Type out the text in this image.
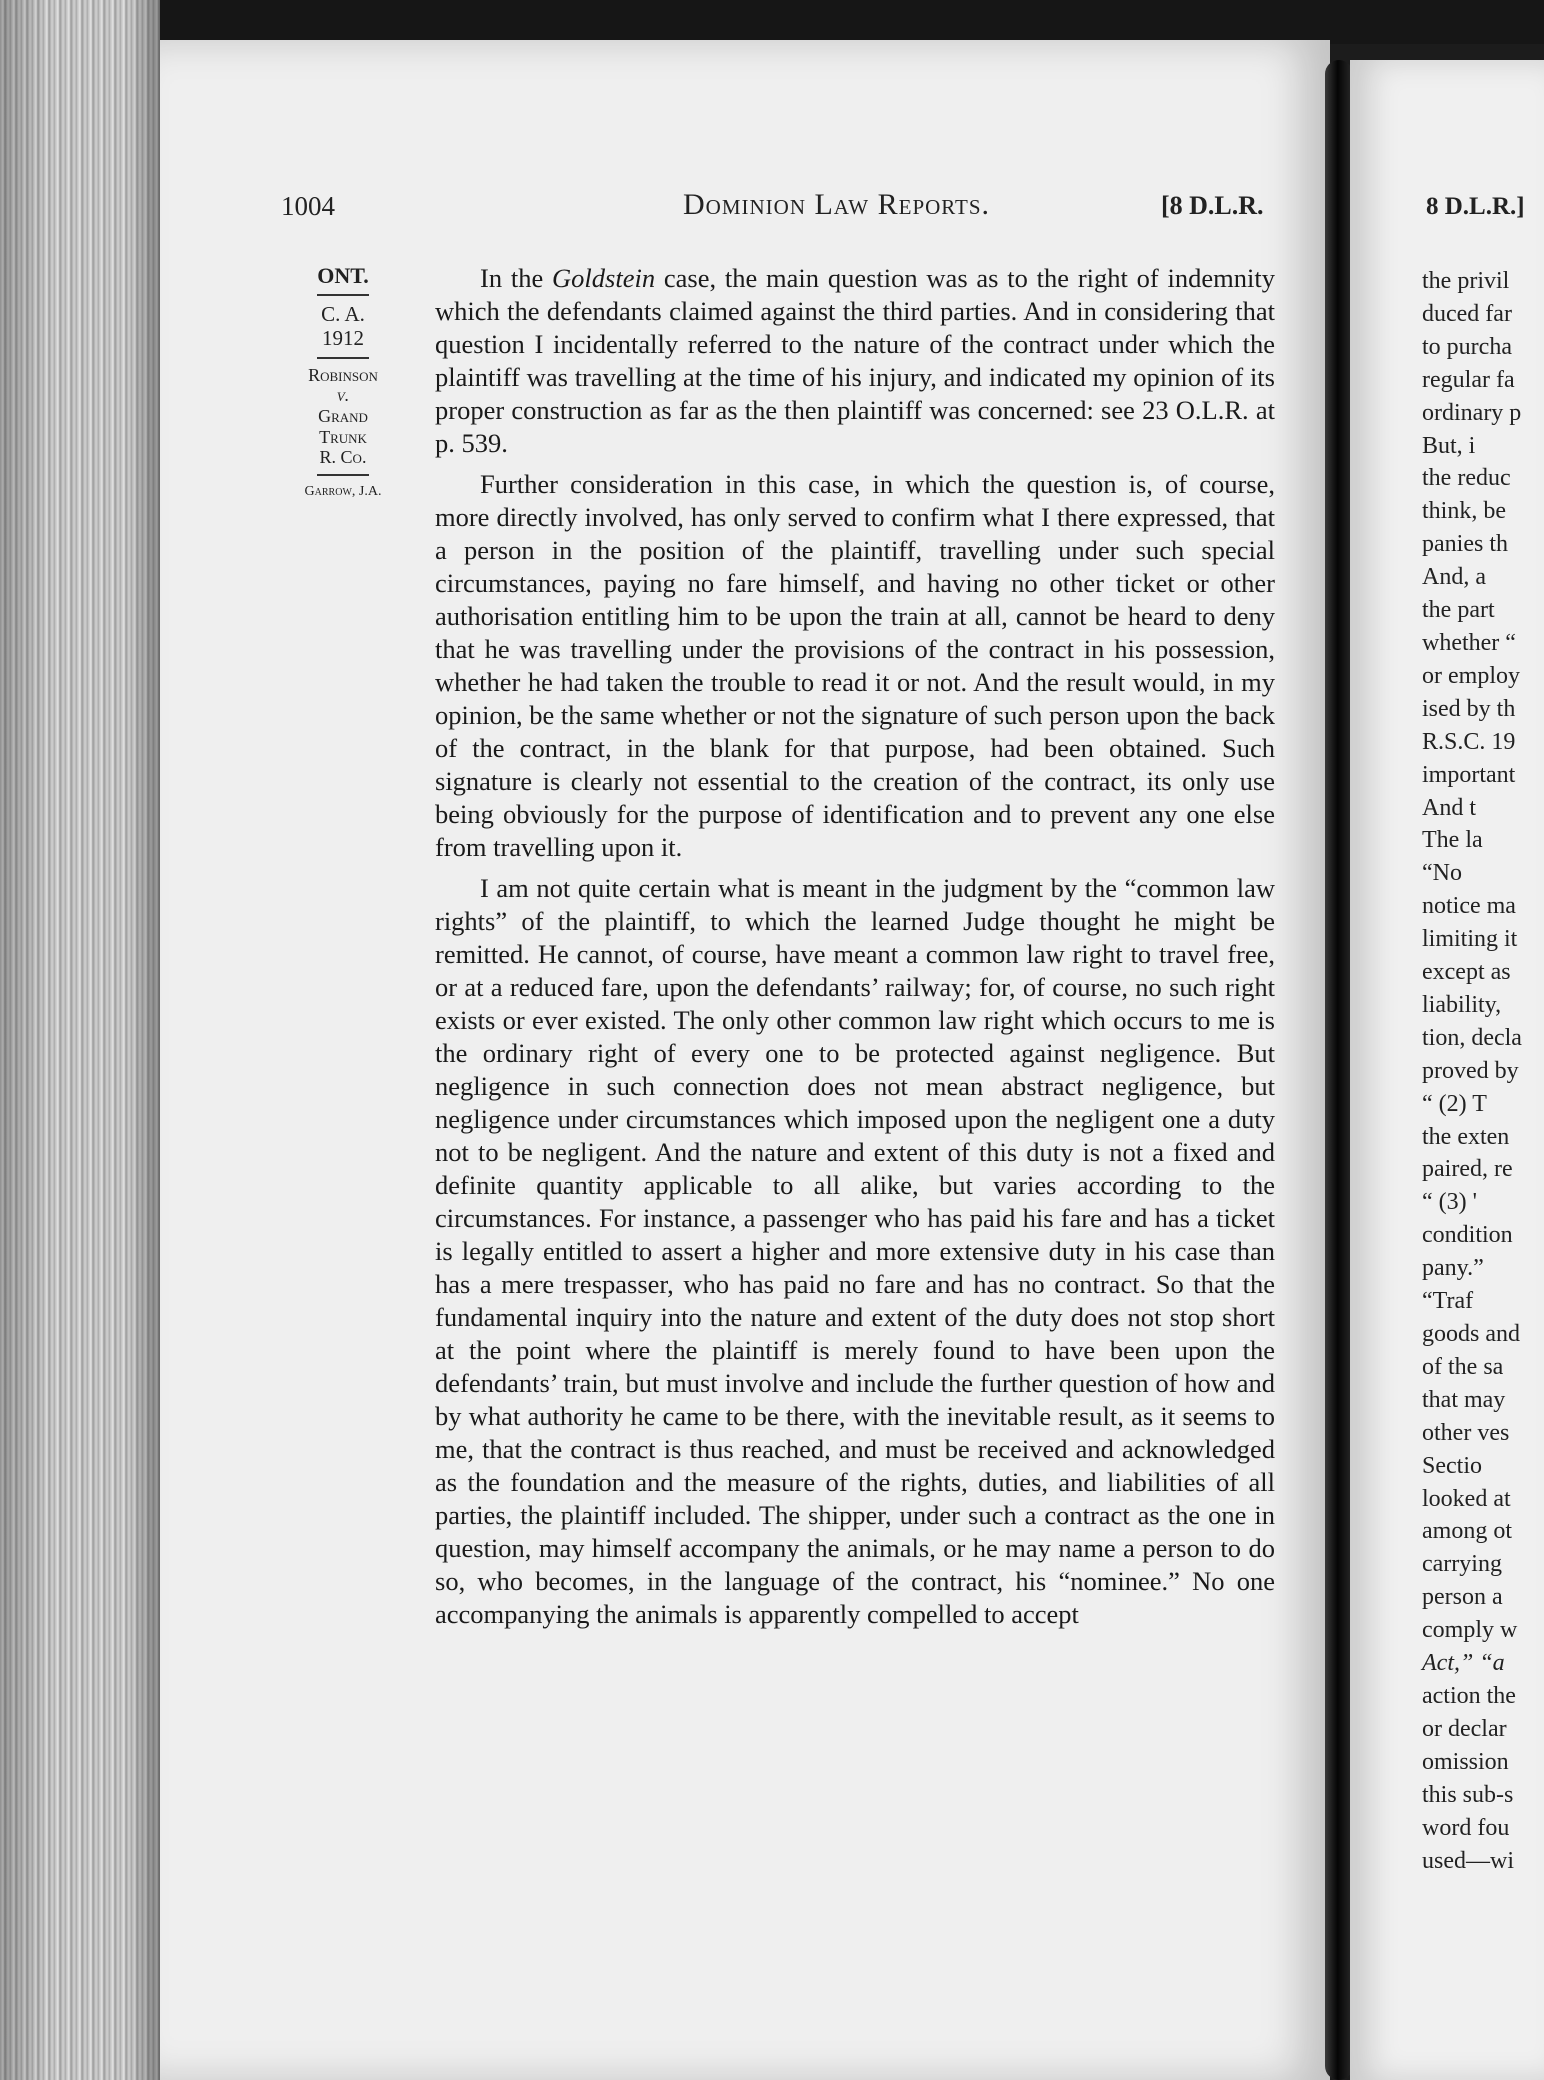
1004	Dominion Law Reports.	[8 D.L.R.
ONT.
C. A.
1912
Robinson
v.
Grand
Trunk
R. Co.
Garrow, J.A.

In the Goldstein case, the main question was as to the right of indemnity which the defendants claimed against the third parties. And in considering that question I incidentally referred to the nature of the contract under which the plaintiff was travelling at the time of his injury, and indicated my opinion of its proper construction as far as the then plaintiff was concerned: see 23 O.L.R. at p. 539.

Further consideration in this case, in which the question is, of course, more directly involved, has only served to confirm what I there expressed, that a person in the position of the plaintiff, travelling under such special circumstances, paying no fare himself, and having no other ticket or other authorisation entitling him to be upon the train at all, cannot be heard to deny that he was travelling under the provisions of the contract in his possession, whether he had taken the trouble to read it or not. And the result would, in my opinion, be the same whether or not the signature of such person upon the back of the contract, in the blank for that purpose, had been obtained. Such signature is clearly not essential to the creation of the contract, its only use being obviously for the purpose of identification and to prevent any one else from travelling upon it.

I am not quite certain what is meant in the judgment by the “common law rights” of the plaintiff, to which the learned Judge thought he might be remitted. He cannot, of course, have meant a common law right to travel free, or at a reduced fare, upon the defendants’ railway; for, of course, no such right exists or ever existed. The only other common law right which occurs to me is the ordinary right of every one to be protected against negligence. But negligence in such connection does not mean abstract negligence, but negligence under circumstances which imposed upon the negligent one a duty not to be negligent. And the nature and extent of this duty is not a fixed and definite quantity applicable to all alike, but varies according to the circumstances. For instance, a passenger who has paid his fare and has a ticket is legally entitled to assert a higher and more extensive duty in his case than has a mere trespasser, who has paid no fare and has no contract. So that the fundamental inquiry into the nature and extent of the duty does not stop short at the point where the plaintiff is merely found to have been upon the defendants’ train, but must involve and include the further question of how and by what authority he came to be there, with the inevitable result, as it seems to me, that the contract is thus reached, and must be received and acknowledged as the foundation and the measure of the rights, duties, and liabilities of all parties, the plaintiff included. The shipper, under such a contract as the one in question, may himself accompany the animals, or he may name a person to do so, who becomes, in the language of the contract, his “nominee.” No one accompanying the animals is apparently compelled to accept

8 D.L.R.]
the privil
duced far
to purcha
regular fa
ordinary p
But, i
the reduc
think, be
panies th
And, a
the part
whether “
or employ
ised by th
R.S.C. 19
important
And t
The la
“No
notice ma
limiting it
except as
liability,
tion, decla
proved by
“ (2) T
the exten
paired, re
“ (3) '
condition
pany.”
“Traf
goods and
of the sa
that may
other ves
Sectio
looked at
among ot
carrying
person a
comply w
Act,” “a
action the
or declar
omission
this sub-s
word fou
used—wi
